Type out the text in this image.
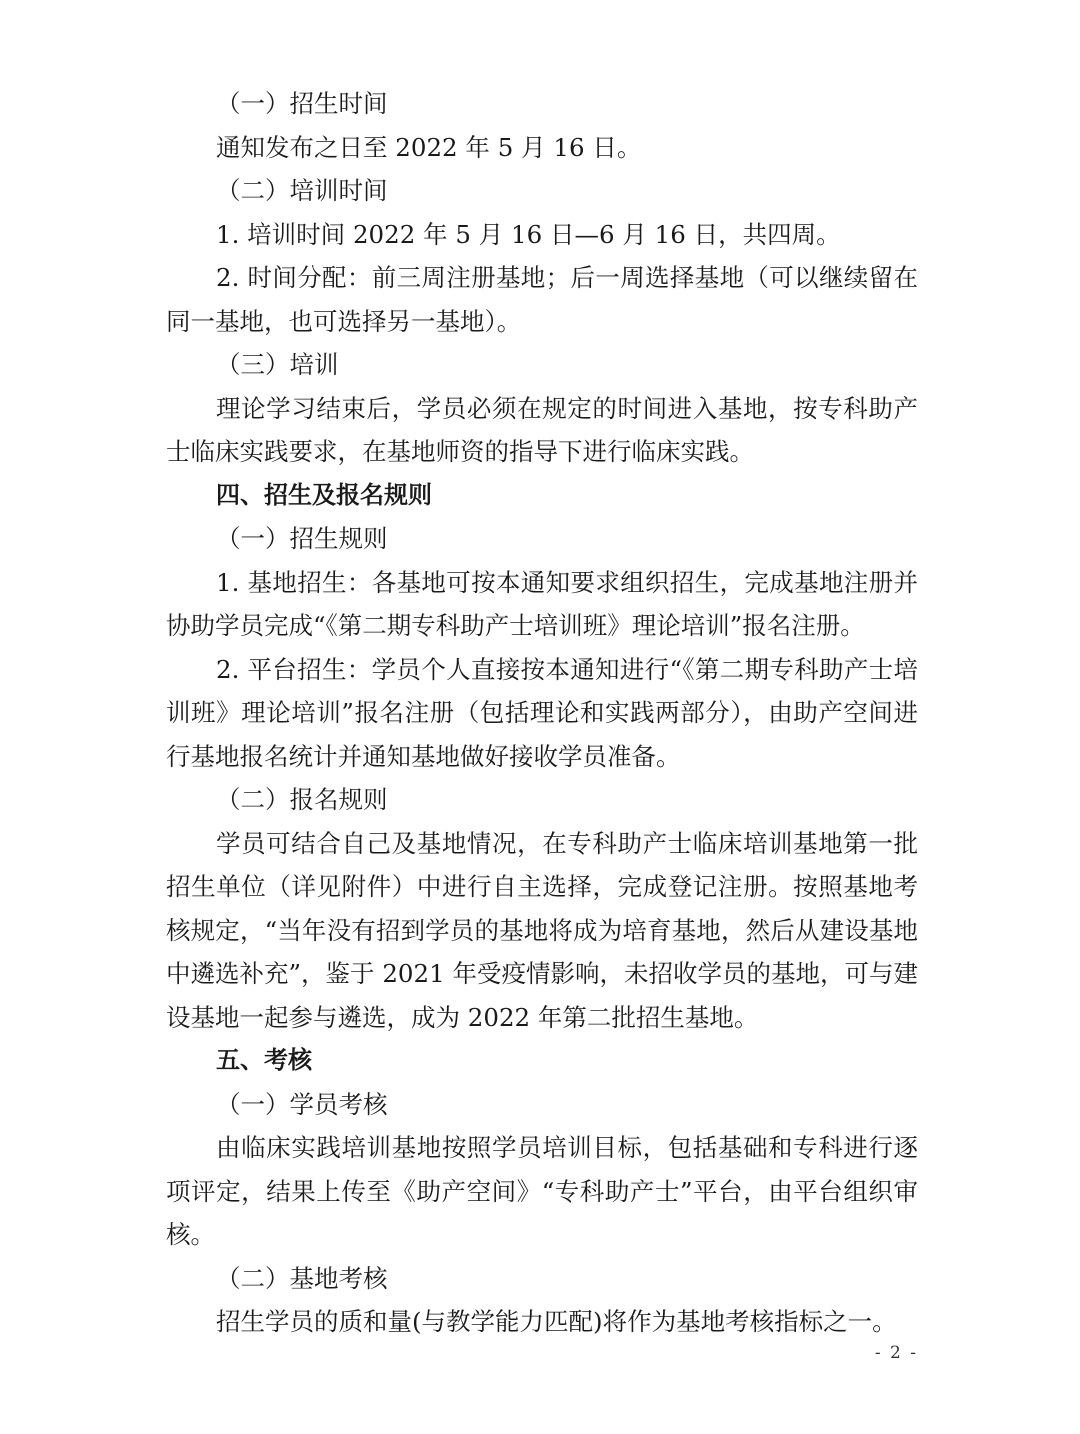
（一）招生时间

通知发布之日至 2022 年 5 月 16 日。

（二）培训时间

1. 培训时间 2022 年 5 月 16 日—6 月 16 日，共四周。

2. 时间分配：前三周注册基地；后一周选择基地（可以继续留在同一基地，也可选择另一基地）。

（三）培训

理论学习结束后，学员必须在规定的时间进入基地，按专科助产士临床实践要求，在基地师资的指导下进行临床实践。

四、招生及报名规则

（一）招生规则

1. 基地招生：各基地可按本通知要求组织招生，完成基地注册并协助学员完成“《第二期专科助产士培训班》理论培训”报名注册。

2. 平台招生：学员个人直接按本通知进行“《第二期专科助产士培训班》理论培训”报名注册（包括理论和实践两部分），由助产空间进行基地报名统计并通知基地做好接收学员准备。

（二）报名规则

学员可结合自己及基地情况，在专科助产士临床培训基地第一批招生单位（详见附件）中进行自主选择，完成登记注册。按照基地考核规定，“当年没有招到学员的基地将成为培育基地，然后从建设基地中遴选补充”，鉴于 2021 年受疫情影响，未招收学员的基地，可与建设基地一起参与遴选，成为 2022 年第二批招生基地。

五、考核

（一）学员考核

由临床实践培训基地按照学员培训目标，包括基础和专科进行逐项评定，结果上传至《助产空间》“专科助产士”平台，由平台组织审核。

（二）基地考核

招生学员的质和量(与教学能力匹配)将作为基地考核指标之一。

- 2 -
